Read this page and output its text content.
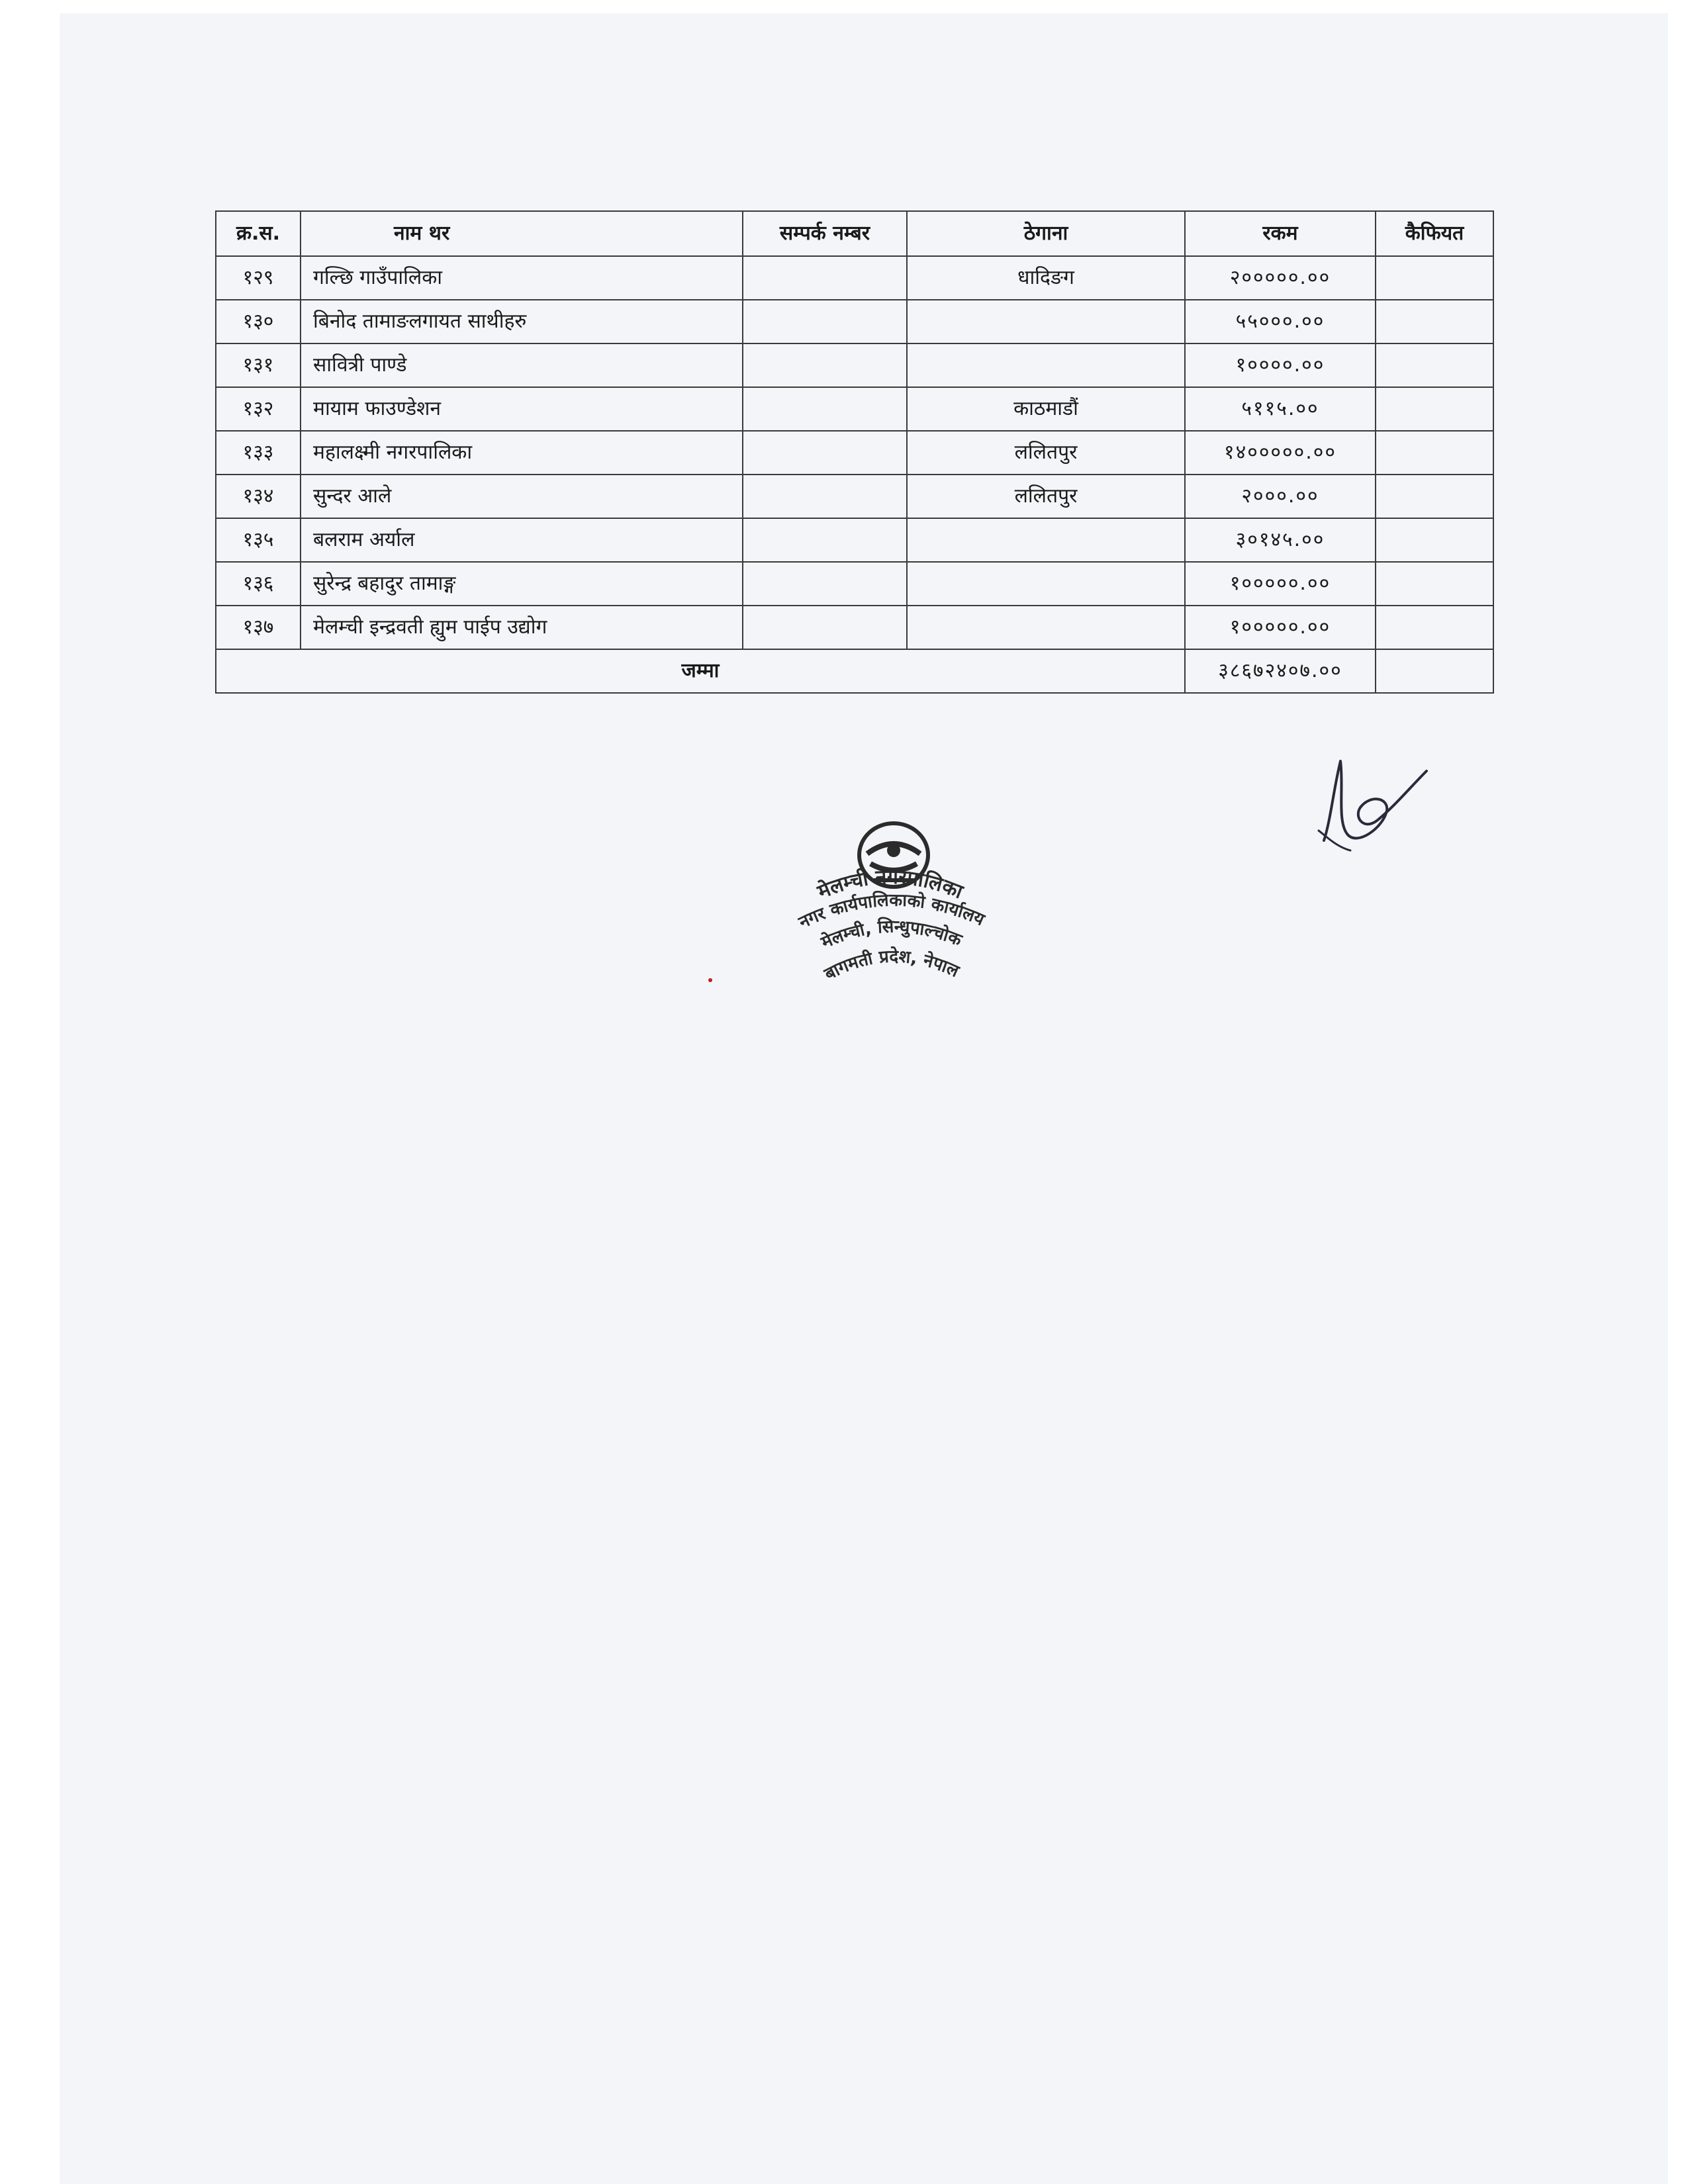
क्र.स.	नाम थर	सम्पर्क नम्बर	ठेगाना	रकम	कैफियत
१२९	गल्छि गाउँपालिका		धादिङग	२०००००.००	
१३०	बिनोद तामाङलगायत साथीहरु			५५०००.००	
१३१	सावित्री पाण्डे			१००००.००	
१३२	मायाम फाउण्डेशन		काठमाडौं	५११५.००	
१३३	महालक्ष्मी नगरपालिका		ललितपुर	१४०००००.००	
१३४	सुन्दर आले		ललितपुर	२०००.००	
१३५	बलराम अर्याल			३०१४५.००	
१३६	सुरेन्द्र बहादुर तामाङ्ग			१०००००.००	
१३७	मेलम्ची इन्द्रवती ह्युम पाईप उद्योग			१०००००.००	
जम्मा				३८६७२४०७.००	
मेलम्ची नगरपालिका
नगर कार्यपालिकाको कार्यालय
मेलम्ची, सिन्धुपाल्चोक
बागमती प्रदेश, नेपाल
